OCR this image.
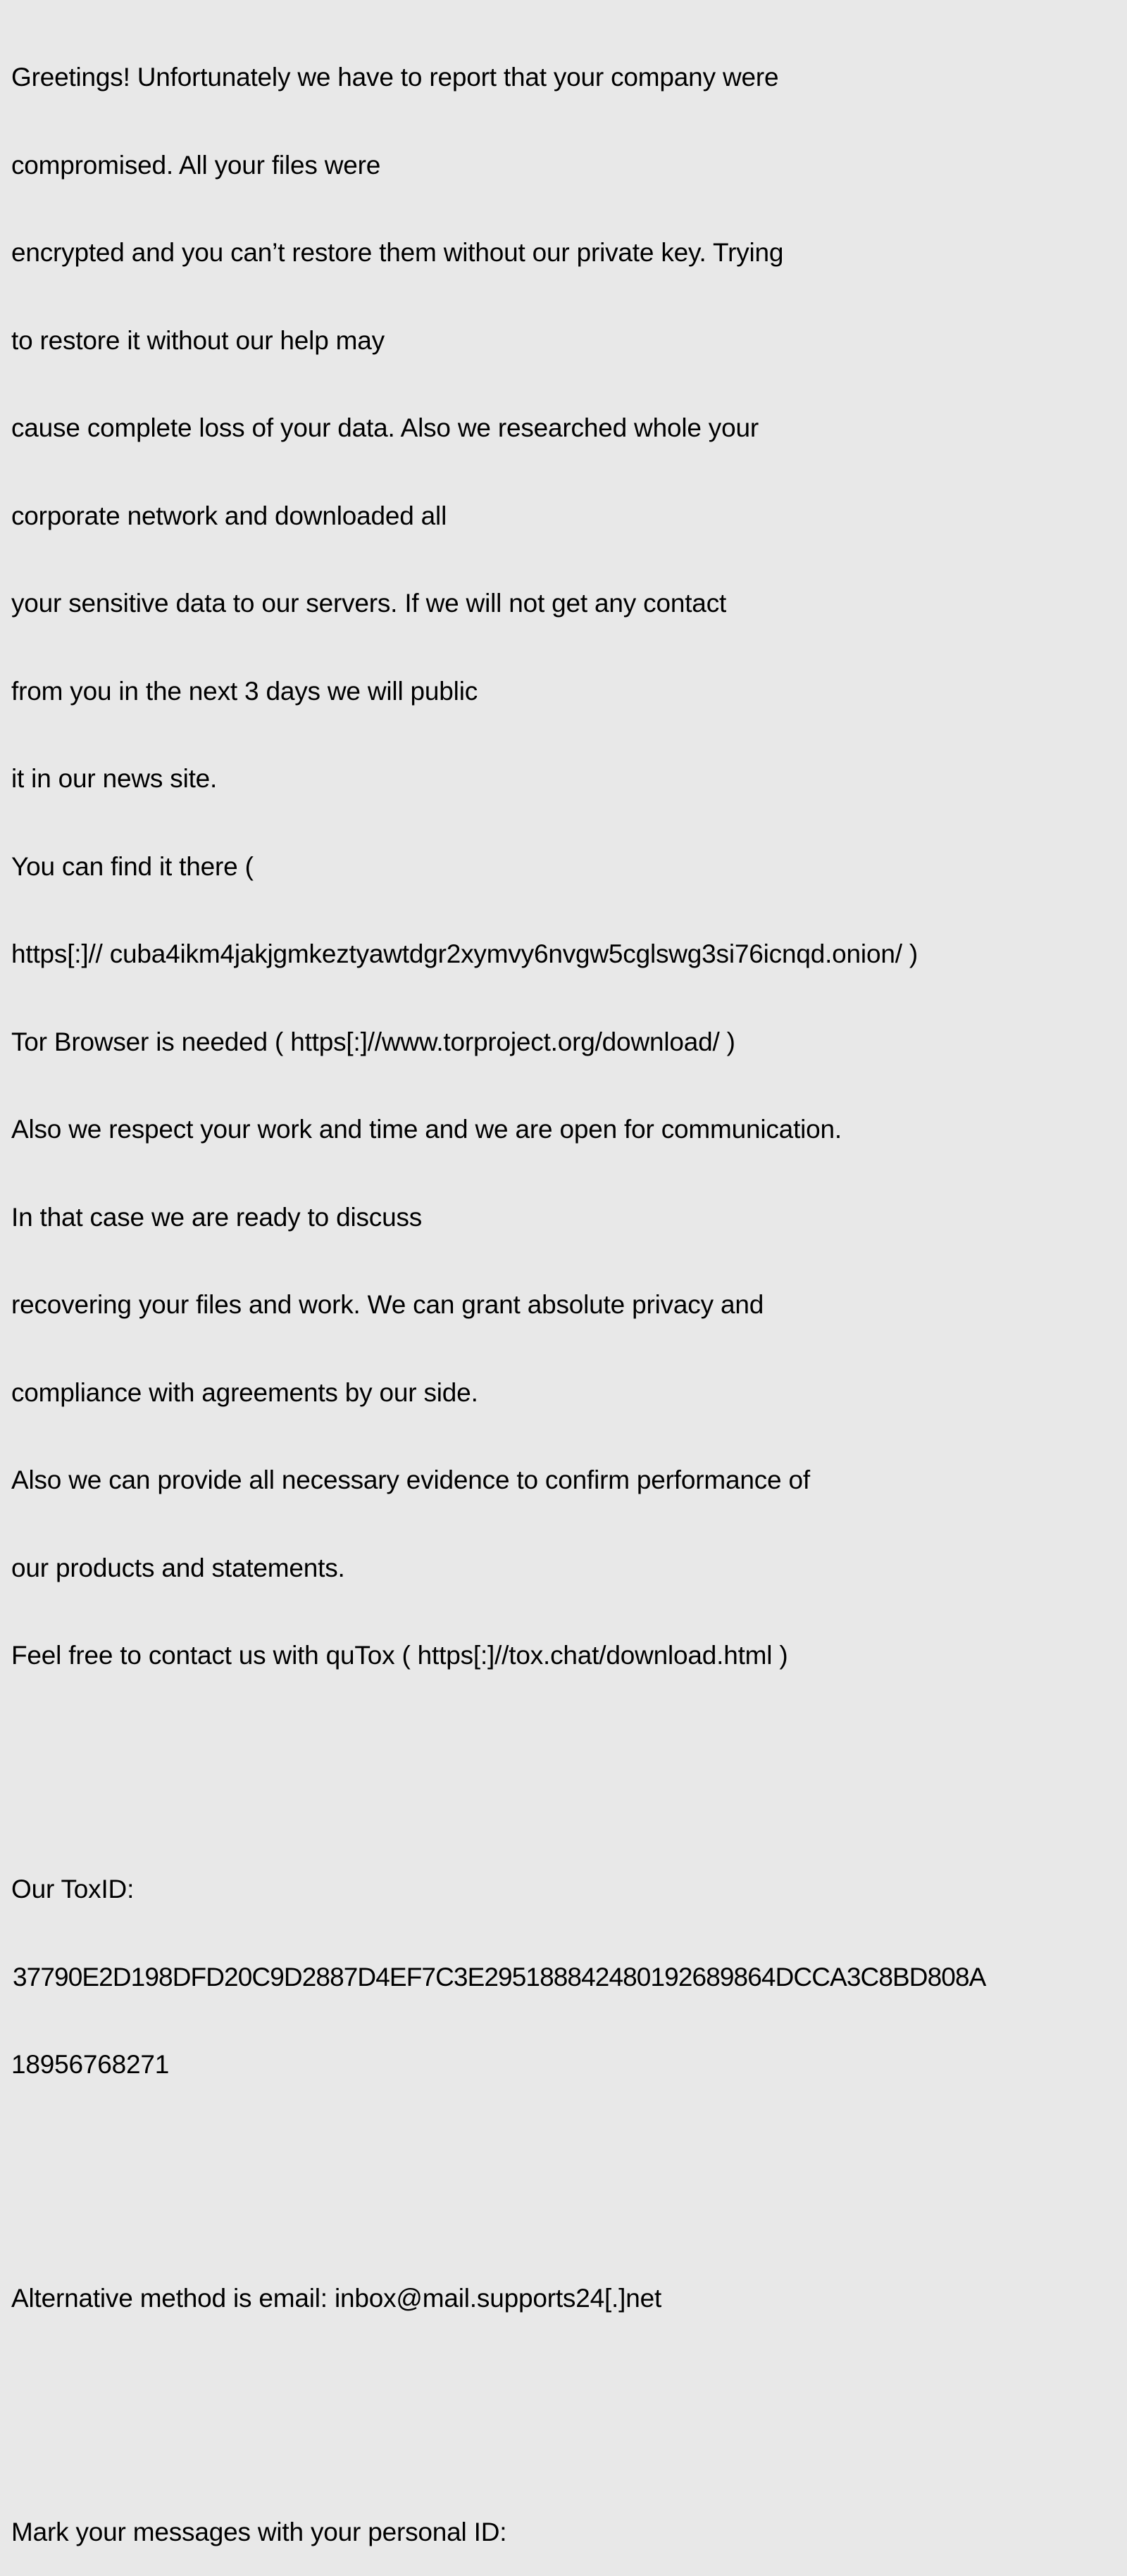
Greetings! Unfortunately we have to report that your company were

compromised. All your files were

encrypted and you can’t restore them without our private key. Trying

to restore it without our help may

cause complete loss of your data. Also we researched whole your

corporate network and downloaded all

your sensitive data to our servers. If we will not get any contact

from you in the next 3 days we will public

it in our news site.

You can find it there (

https[:]// cuba4ikm4jakjgmkeztyawtdgr2xymvy6nvgw5cglswg3si76icnqd.onion/ )

Tor Browser is needed ( https[:]//www.torproject.org/download/ )

Also we respect your work and time and we are open for communication.

In that case we are ready to discuss

recovering your files and work. We can grant absolute privacy and

compliance with agreements by our side.

Also we can provide all necessary evidence to confirm performance of

our products and statements.

Feel free to contact us with quTox ( https[:]//tox.chat/download.html )

Our ToxID:

37790E2D198DFD20C9D2887D4EF7C3E295188842480192689864DCCA3C8BD808A

18956768271

Alternative method is email: inbox@mail.supports24[.]net

Mark your messages with your personal ID:
